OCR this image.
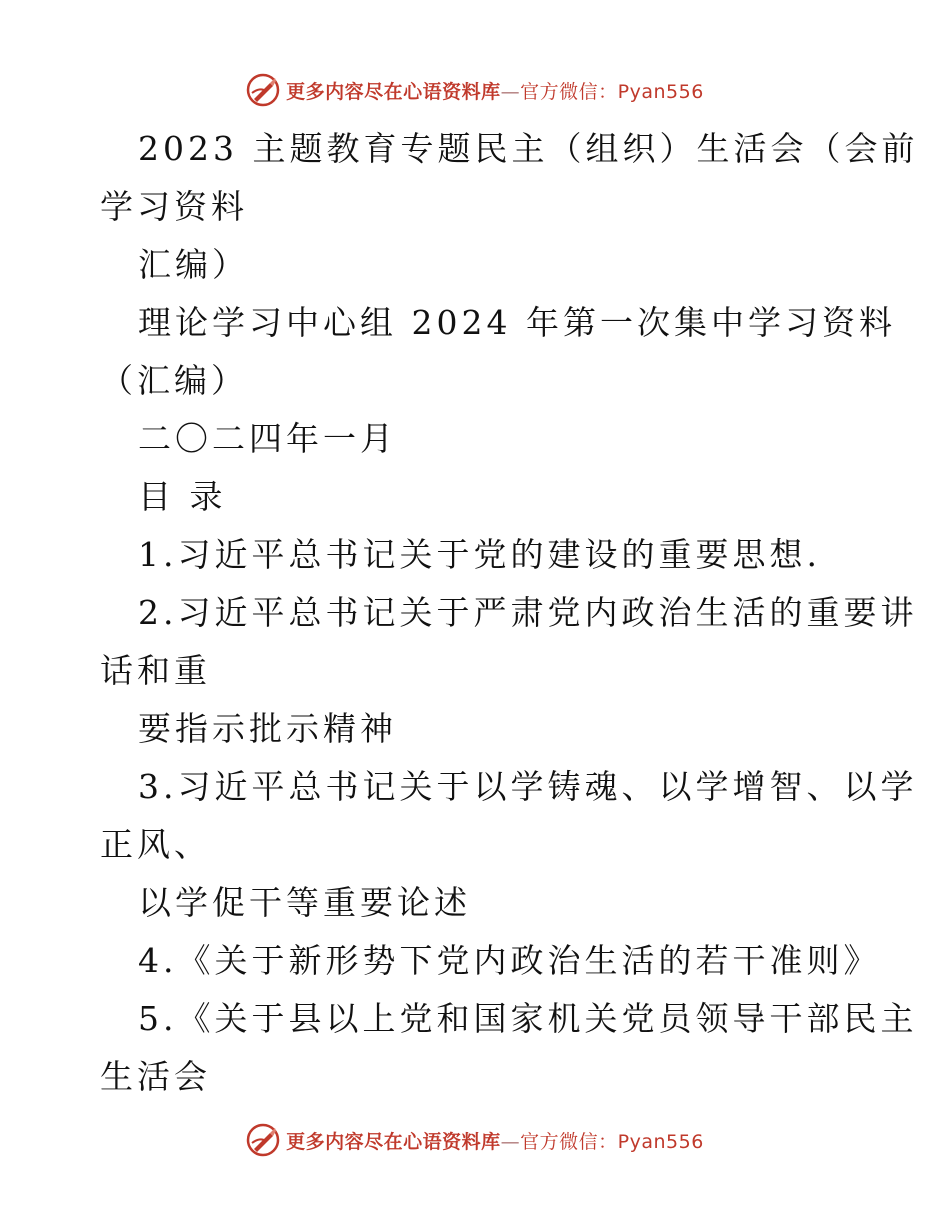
更多内容尽在心语资料库—官方微信：Pyan556
2023 主题教育专题民主（组织）生活会（会前
学习资料
汇编）
理论学习中心组 2024 年第一次集中学习资料
（汇编）
二〇二四年一月
目 录
1.习近平总书记关于党的建设的重要思想.
2.习近平总书记关于严肃党内政治生活的重要讲
话和重
要指示批示精神
3.习近平总书记关于以学铸魂、以学增智、以学
正风、
以学促干等重要论述
4.《关于新形势下党内政治生活的若干准则》
5.《关于县以上党和国家机关党员领导干部民主
生活会
更多内容尽在心语资料库—官方微信：Pyan556
